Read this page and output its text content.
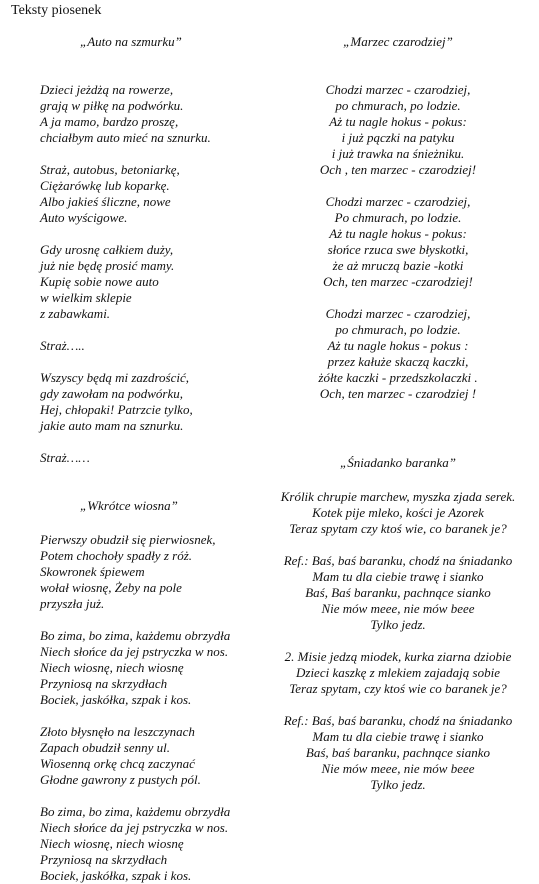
Teksty piosenek

„Auto na szmurku”

Dzieci jeżdżą na rowerze,
grają w piłkę na podwórku.
A ja mamo, bardzo proszę,
chciałbym auto mieć na sznurku.
Straż, autobus, betoniarkę,
Ciężarówkę lub koparkę.
Albo jakieś śliczne, nowe
Auto wyścigowe.
Gdy urosnę całkiem duży,
już nie będę prosić mamy.
Kupię sobie nowe auto
w wielkim sklepie
z zabawkami.
Straż…..
Wszyscy będą mi zazdrościć,
gdy zawołam na podwórku,
Hej, chłopaki! Patrzcie tylko,
jakie auto mam na sznurku.
Straż……

„Wkrótce wiosna”

Pierwszy obudził się pierwiosnek,
Potem chochoły spadły z róż.
Skowronek śpiewem
wołał wiosnę, Żeby na pole
przyszła już.
Bo zima, bo zima, każdemu obrzydła
Niech słońce da jej pstryczka w nos.
Niech wiosnę, niech wiosnę
Przyniosą na skrzydłach
Bociek, jaskółka, szpak i kos.
Złoto błysnęło na leszczynach
Zapach obudził senny ul.
Wiosenną orkę chcą zaczynać
Głodne gawrony z pustych pól.
Bo zima, bo zima, każdemu obrzydła
Niech słońce da jej pstryczka w nos.
Niech wiosnę, niech wiosnę
Przyniosą na skrzydłach
Bociek, jaskółka, szpak i kos.

„Marzec czarodziej”

Chodzi marzec - czarodziej,
po chmurach, po lodzie.
Aż tu nagle hokus - pokus:
i już pączki na patyku
i już trawka na śnieżniku.
Och , ten marzec - czarodziej!
Chodzi marzec - czarodziej,
Po chmurach, po lodzie.
Aż tu nagle hokus - pokus:
słońce rzuca swe błyskotki,
że aż mruczą bazie -kotki
Och, ten marzec -czarodziej!
Chodzi marzec - czarodziej,
po chmurach, po lodzie.
Aż tu nagle hokus - pokus :
przez kałuże skaczą kaczki,
żółte kaczki - przedszkolaczki .
Och, ten marzec - czarodziej !

„Śniadanko baranka”

Królik chrupie marchew, myszka zjada serek.
Kotek pije mleko, kości je Azorek
Teraz spytam czy ktoś wie, co baranek je?
Ref.: Baś, baś baranku, chodź na śniadanko
Mam tu dla ciebie trawę i sianko
Baś, Baś baranku, pachnące sianko
Nie mów meee, nie mów beee
Tylko jedz.
2. Misie jedzą miodek, kurka ziarna dziobie
Dzieci kaszkę z mlekiem zajadają sobie
Teraz spytam, czy ktoś wie co baranek je?
Ref.: Baś, baś baranku, chodź na śniadanko
Mam tu dla ciebie trawę i sianko
Baś, baś baranku, pachnące sianko
Nie mów meee, nie mów beee
Tylko jedz.
